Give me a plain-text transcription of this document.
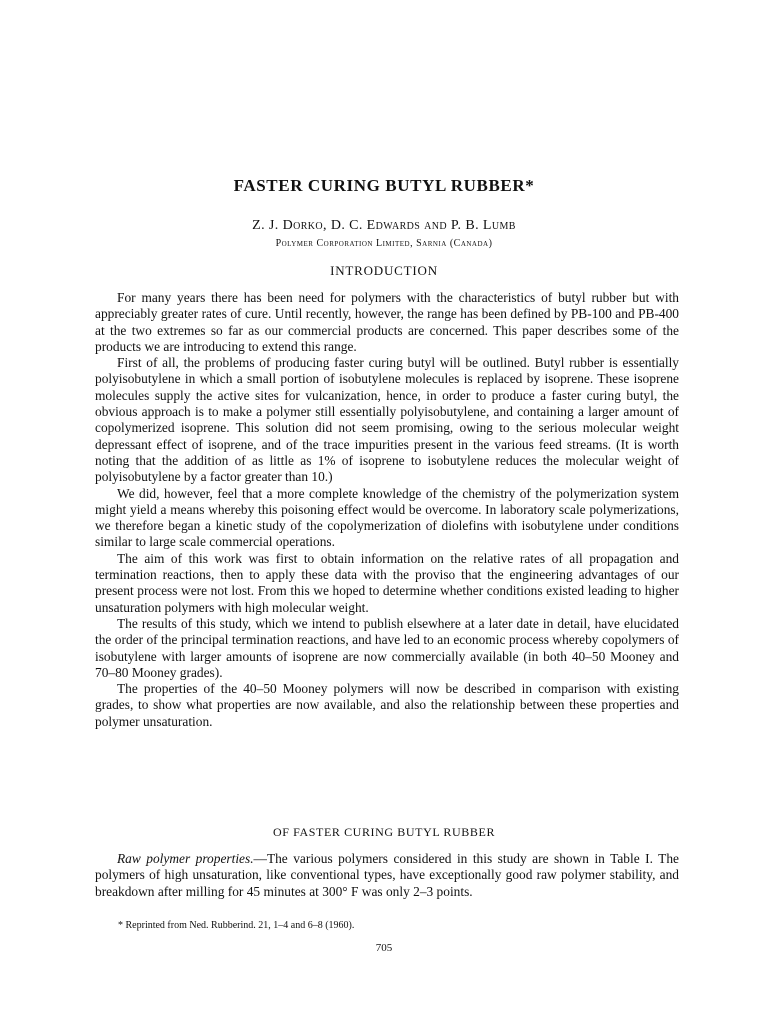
FASTER CURING BUTYL RUBBER*
Z. J. Dorko, D. C. Edwards and P. B. Lumb
Polymer Corporation Limited, Sarnia (Canada)
INTRODUCTION

For many years there has been need for polymers with the characteristics of butyl rubber but with appreciably greater rates of cure. Until recently, however, the range has been defined by PB-100 and PB-400 at the two extremes so far as our commercial products are concerned. This paper describes some of the products we are introducing to extend this range.

First of all, the problems of producing faster curing butyl will be outlined. Butyl rubber is essentially polyisobutylene in which a small portion of isobutylene molecules is replaced by isoprene. These isoprene molecules supply the active sites for vulcanization, hence, in order to produce a faster curing butyl, the obvious approach is to make a polymer still essentially polyisobutylene, and containing a larger amount of copolymerized isoprene. This solution did not seem promising, owing to the serious molecular weight depressant effect of isoprene, and of the trace impurities present in the various feed streams. (It is worth noting that the addition of as little as 1% of isoprene to isobutylene reduces the molecular weight of polyisobutylene by a factor greater than 10.)

We did, however, feel that a more complete knowledge of the chemistry of the polymerization system might yield a means whereby this poisoning effect would be overcome. In laboratory scale polymerizations, we therefore began a kinetic study of the copolymerization of diolefins with isobutylene under conditions similar to large scale commercial operations.

The aim of this work was first to obtain information on the relative rates of all propagation and termination reactions, then to apply these data with the proviso that the engineering advantages of our present process were not lost. From this we hoped to determine whether conditions existed leading to higher unsaturation polymers with high molecular weight.

The results of this study, which we intend to publish elsewhere at a later date in detail, have elucidated the order of the principal termination reactions, and have led to an economic process whereby copolymers of isobutylene with larger amounts of isoprene are now commercially available (in both 40–50 Mooney and 70–80 Mooney grades).

The properties of the 40–50 Mooney polymers will now be described in comparison with existing grades, to show what properties are now available, and also the relationship between these properties and polymer unsaturation.

OF FASTER CURING BUTYL RUBBER

Raw polymer properties.—The various polymers considered in this study are shown in Table I. The polymers of high unsaturation, like conventional types, have exceptionally good raw polymer stability, and breakdown after milling for 45 minutes at 300° F was only 2–3 points.

* Reprinted from Ned. Rubberind. 21, 1–4 and 6–8 (1960).
705
